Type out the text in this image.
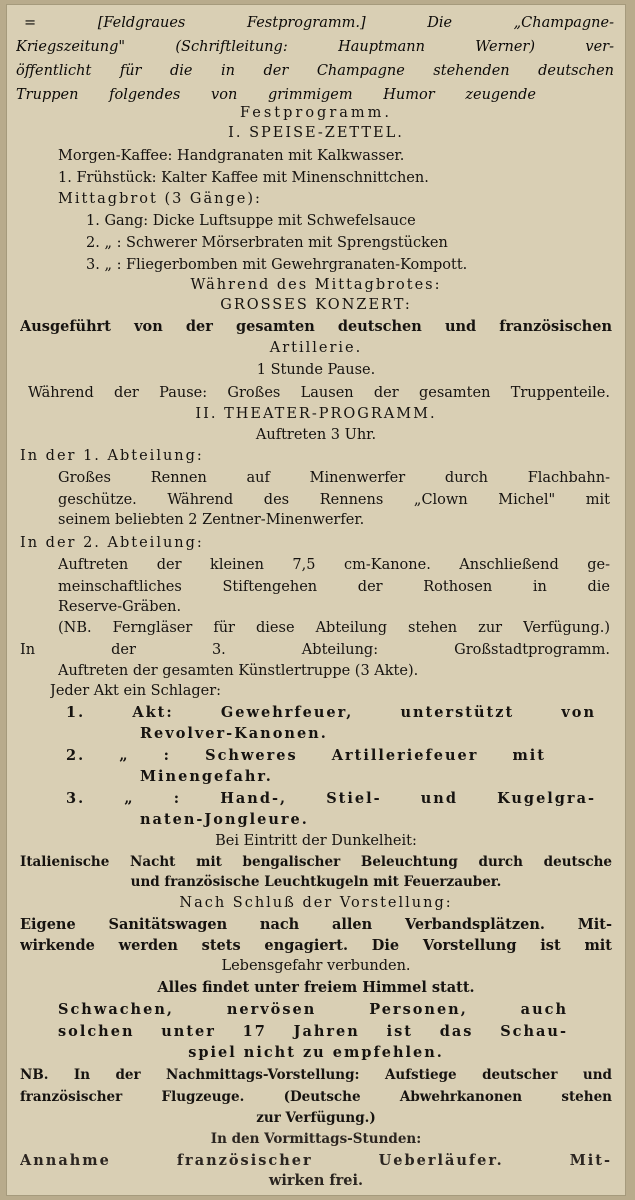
= [Feldgraues Festprogramm.] Die „Champagne-
Kriegszeitung" (Schriftleitung: Hauptmann Werner) ver-
öffentlicht für die in der Champagne stehenden deutschen
Truppen folgendes von grimmigem Humor zeugende
Festprogramm.
I. SPEISE-ZETTEL.
Morgen-Kaffee: Handgranaten mit Kalkwasser.
1. Frühstück: Kalter Kaffee mit Minenschnittchen.
Mittagbrot (3 Gänge):
1. Gang: Dicke Luftsuppe mit Schwefelsauce
2. „ : Schwerer Mörserbraten mit Sprengstücken
3. „ : Fliegerbomben mit Gewehrgranaten-Kompott.
Während des Mittagbrotes:
GROSSES KONZERT:
Ausgeführt von der gesamten deutschen und französischen
Artillerie.
1 Stunde Pause.
Während der Pause: Großes Lausen der gesamten Truppenteile.
II. THEATER-PROGRAMM.
Auftreten 3 Uhr.
In der 1. Abteilung:
Großes Rennen auf Minenwerfer durch Flachbahn-
geschütze. Während des Rennens „Clown Michel" mit
seinem beliebten 2 Zentner-Minenwerfer.
In der 2. Abteilung:
Auftreten der kleinen 7,5 cm-Kanone. Anschließend ge-
meinschaftliches Stiftengehen der Rothosen in die
Reserve-Gräben.
(NB. Ferngläser für diese Abteilung stehen zur Verfügung.)
In der 3. Abteilung: Großstadtprogramm.
Auftreten der gesamten Künstlertruppe (3 Akte).
Jeder Akt ein Schlager:
1. Akt: Gewehrfeuer, unterstützt von
Revolver-Kanonen.
2. „ : Schweres Artilleriefeuer mit
Minengefahr.
3. „ : Hand-, Stiel- und Kugelgra-
naten-Jongleure.
Bei Eintritt der Dunkelheit:
Italienische Nacht mit bengalischer Beleuchtung durch deutsche
und französische Leuchtkugeln mit Feuerzauber.
Nach Schluß der Vorstellung:
Eigene Sanitätswagen nach allen Verbandsplätzen. Mit-
wirkende werden stets engagiert. Die Vorstellung ist mit
Lebensgefahr verbunden.
Alles findet unter freiem Himmel statt.
Schwachen, nervösen Personen, auch
solchen unter 17 Jahren ist das Schau-
spiel nicht zu empfehlen.
NB. In der Nachmittags-Vorstellung: Aufstiege deutscher und
französischer Flugzeuge. (Deutsche Abwehrkanonen stehen
zur Verfügung.)
In den Vormittags-Stunden:
Annahme französischer Ueberläufer. Mit-
wirken frei.
